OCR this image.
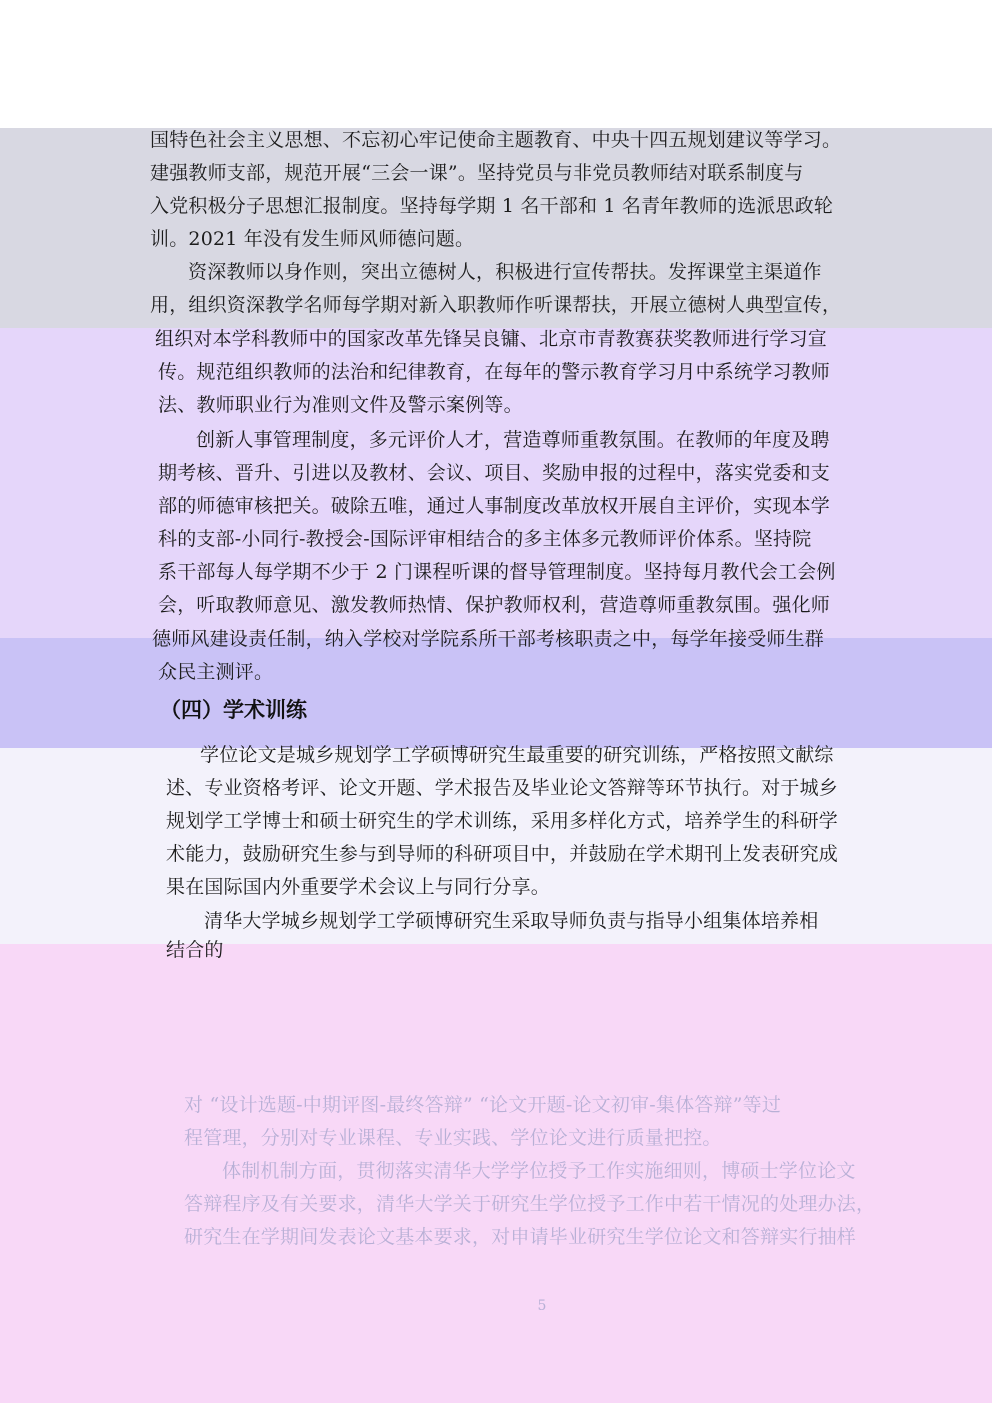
国特色社会主义思想、不忘初心牢记使命主题教育、中央十四五规划建议等学习。

建强教师支部，规范开展“三会一课”。坚持党员与非党员教师结对联系制度与

入党积极分子思想汇报制度。坚持每学期 1 名干部和 1 名青年教师的选派思政轮

训。2021 年没有发生师风师德问题。

资深教师以身作则，突出立德树人，积极进行宣传帮扶。发挥课堂主渠道作

用，组织资深教学名师每学期对新入职教师作听课帮扶，开展立德树人典型宣传，

组织对本学科教师中的国家改革先锋吴良镛、北京市青教赛获奖教师进行学习宣

传。规范组织教师的法治和纪律教育，在每年的警示教育学习月中系统学习教师

法、教师职业行为准则文件及警示案例等。

创新人事管理制度，多元评价人才，营造尊师重教氛围。在教师的年度及聘

期考核、晋升、引进以及教材、会议、项目、奖励申报的过程中，落实党委和支

部的师德审核把关。破除五唯，通过人事制度改革放权开展自主评价，实现本学

科的支部-小同行-教授会-国际评审相结合的多主体多元教师评价体系。坚持院

系干部每人每学期不少于 2 门课程听课的督导管理制度。坚持每月教代会工会例

会，听取教师意见、激发教师热情、保护教师权利，营造尊师重教氛围。强化师

德师风建设责任制，纳入学校对学院系所干部考核职责之中，每学年接受师生群

众民主测评。

（四）学术训练

学位论文是城乡规划学工学硕博研究生最重要的研究训练，严格按照文献综

述、专业资格考评、论文开题、学术报告及毕业论文答辩等环节执行。对于城乡

规划学工学博士和硕士研究生的学术训练，采用多样化方式，培养学生的科研学

术能力，鼓励研究生参与到导师的科研项目中，并鼓励在学术期刊上发表研究成

果在国际国内外重要学术会议上与同行分享。

清华大学城乡规划学工学硕博研究生采取导师负责与指导小组集体培养相

结合的

对 “设计选题-中期评图-最终答辩” “论文开题-论文初审-集体答辩”等过

程管理，分别对专业课程、专业实践、学位论文进行质量把控。

体制机制方面，贯彻落实清华大学学位授予工作实施细则，博硕士学位论文

答辩程序及有关要求，清华大学关于研究生学位授予工作中若干情况的处理办法，

研究生在学期间发表论文基本要求，对申请毕业研究生学位论文和答辩实行抽样

5
